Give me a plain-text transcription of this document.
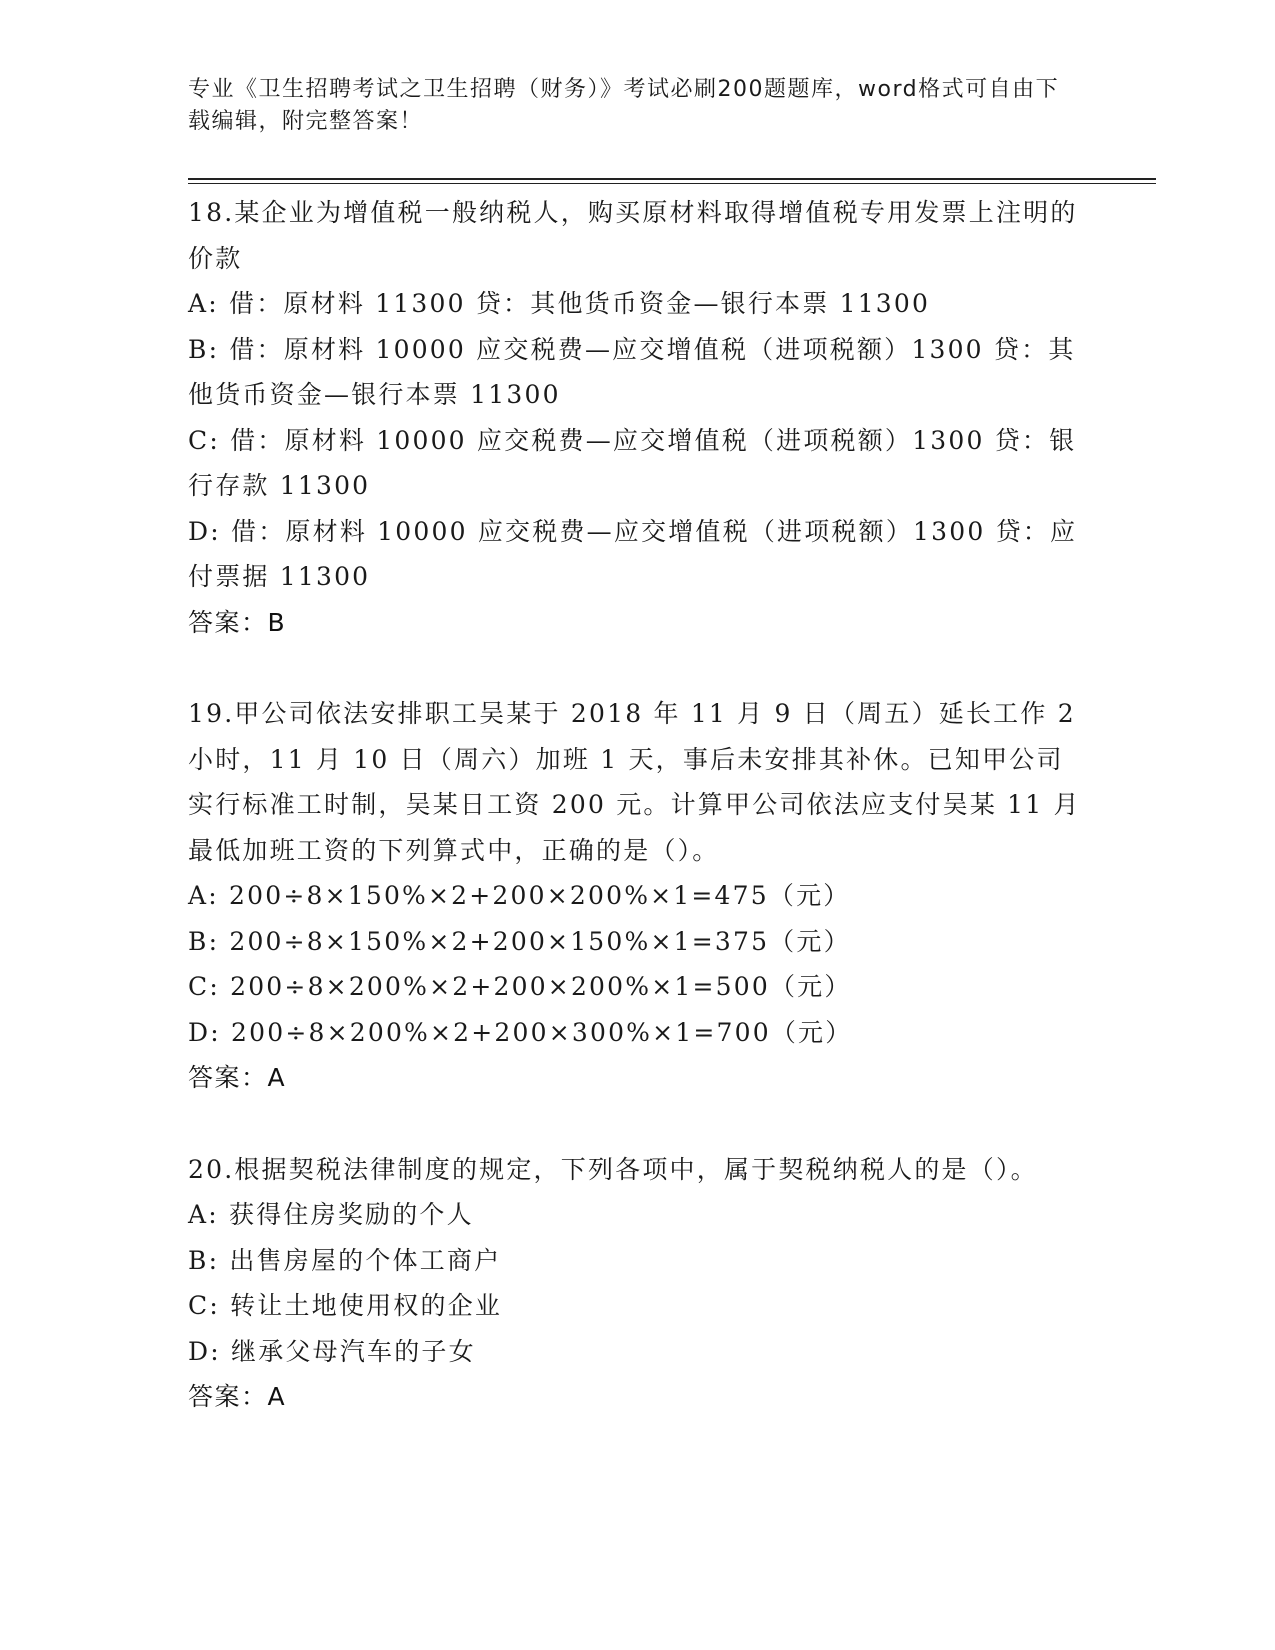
专业《卫生招聘考试之卫生招聘（财务）》考试必刷200题题库，word格式可自由下载编辑，附完整答案！

18.某企业为增值税一般纳税人，购买原材料取得增值税专用发票上注明的价款

A: 借：原材料 11300 贷：其他货币资金—银行本票 11300

B: 借：原材料 10000 应交税费—应交增值税（进项税额）1300 贷：其他货币资金—银行本票 11300

C: 借：原材料 10000 应交税费—应交增值税（进项税额）1300 贷：银行存款 11300

D: 借：原材料 10000 应交税费—应交增值税（进项税额）1300 贷：应付票据 11300

答案：B

19.甲公司依法安排职工吴某于 2018 年 11 月 9 日（周五）延长工作 2 小时，11 月 10 日（周六）加班 1 天，事后未安排其补休。已知甲公司实行标准工时制，吴某日工资 200 元。计算甲公司依法应支付吴某 11 月最低加班工资的下列算式中，正确的是（）。

A: 200÷8×150%×2+200×200%×1=475（元）

B: 200÷8×150%×2+200×150%×1=375（元）

C: 200÷8×200%×2+200×200%×1=500（元）

D: 200÷8×200%×2+200×300%×1=700（元）

答案：A

20.根据契税法律制度的规定，下列各项中，属于契税纳税人的是（）。

A: 获得住房奖励的个人

B: 出售房屋的个体工商户

C: 转让土地使用权的企业

D: 继承父母汽车的子女

答案：A
